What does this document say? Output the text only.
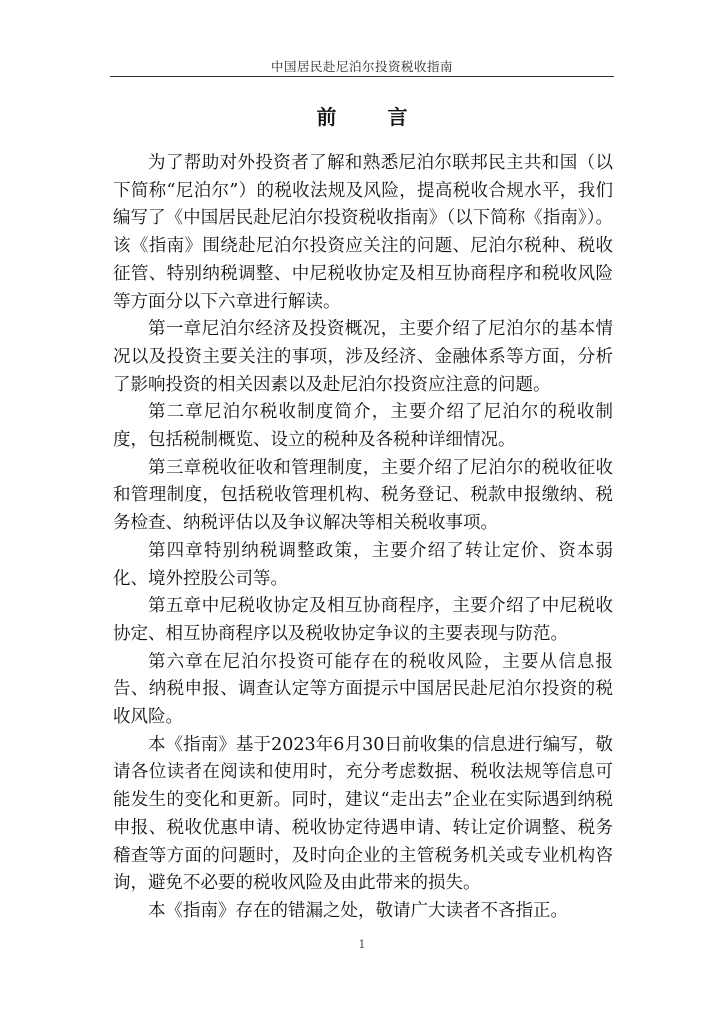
中国居民赴尼泊尔投资税收指南
前 言

为了帮助对外投资者了解和熟悉尼泊尔联邦民主共和国（以下简称“尼泊尔”）的税收法规及风险，提高税收合规水平，我们编写了《中国居民赴尼泊尔投资税收指南》（以下简称《指南》）。该《指南》围绕赴尼泊尔投资应关注的问题、尼泊尔税种、税收征管、特别纳税调整、中尼税收协定及相互协商程序和税收风险等方面分以下六章进行解读。

第一章尼泊尔经济及投资概况，主要介绍了尼泊尔的基本情况以及投资主要关注的事项，涉及经济、金融体系等方面，分析了影响投资的相关因素以及赴尼泊尔投资应注意的问题。

第二章尼泊尔税收制度简介，主要介绍了尼泊尔的税收制度，包括税制概览、设立的税种及各税种详细情况。

第三章税收征收和管理制度，主要介绍了尼泊尔的税收征收和管理制度，包括税收管理机构、税务登记、税款申报缴纳、税务检查、纳税评估以及争议解决等相关税收事项。

第四章特别纳税调整政策，主要介绍了转让定价、资本弱化、境外控股公司等。

第五章中尼税收协定及相互协商程序，主要介绍了中尼税收协定、相互协商程序以及税收协定争议的主要表现与防范。

第六章在尼泊尔投资可能存在的税收风险，主要从信息报告、纳税申报、调查认定等方面提示中国居民赴尼泊尔投资的税收风险。

本《指南》基于2023年6月30日前收集的信息进行编写，敬请各位读者在阅读和使用时，充分考虑数据、税收法规等信息可能发生的变化和更新。同时，建议“走出去”企业在实际遇到纳税申报、税收优惠申请、税收协定待遇申请、转让定价调整、税务稽查等方面的问题时，及时向企业的主管税务机关或专业机构咨询，避免不必要的税收风险及由此带来的损失。

本《指南》存在的错漏之处，敬请广大读者不吝指正。

1
